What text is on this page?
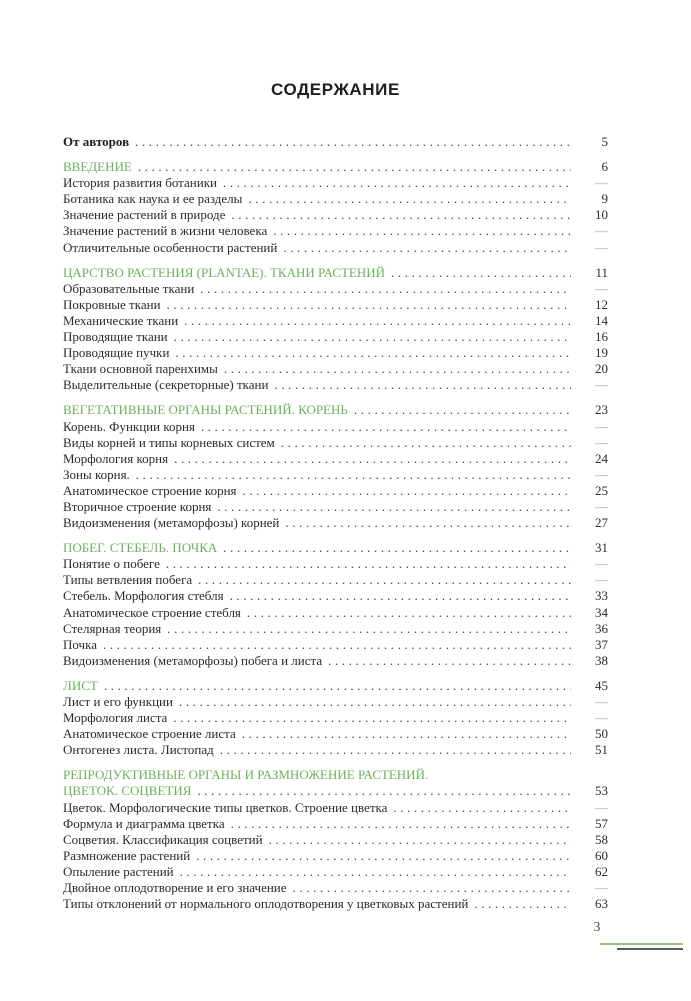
СОДЕРЖАНИЕ
От авторов .....	5
ВВЕДЕНИЕ .....	6
История развития ботаники .....	—
Ботаника как наука и ее разделы .....	9
Значение растений в природе .....	10
Значение растений в жизни человека .....	—
Отличительные особенности растений .....	—
ЦАРСТВО РАСТЕНИЯ (PLANTAE). ТКАНИ РАСТЕНИЙ .....	11
Образовательные ткани .....	—
Покровные ткани .....	12
Механические ткани .....	14
Проводящие ткани .....	16
Проводящие пучки .....	19
Ткани основной паренхимы .....	20
Выделительные (секреторные) ткани .....	—
ВЕГЕТАТИВНЫЕ ОРГАНЫ РАСТЕНИЙ. КОРЕНЬ .....	23
Корень. Функции корня .....	—
Виды корней и типы корневых систем .....	—
Морфология корня .....	24
Зоны корня. .....	—
Анатомическое строение корня .....	25
Вторичное строение корня .....	—
Видоизменения (метаморфозы) корней .....	27
ПОБЕГ. СТЕБЕЛЬ. ПОЧКА .....	31
Понятие о побеге .....	—
Типы ветвления побега .....	—
Стебель. Морфология стебля .....	33
Анатомическое строение стебля .....	34
Стелярная теория .....	36
Почка .....	37
Видоизменения (метаморфозы) побега и листа .....	38
ЛИСТ .....	45
Лист и его функции .....	—
Морфология листа .....	—
Анатомическое строение листа .....	50
Онтогенез листа. Листопад .....	51
РЕПРОДУКТИВНЫЕ ОРГАНЫ И РАЗМНОЖЕНИЕ РАСТЕНИЙ.
ЦВЕТОК. СОЦВЕТИЯ .....	53
Цветок. Морфологические типы цветков. Строение цветка .....	—
Формула и диаграмма цветка .....	57
Соцветия. Классификация соцветий .....	58
Размножение растений .....	60
Опыление растений .....	62
Двойное оплодотворение и его значение .....	—
Типы отклонений от нормального оплодотворения у цветковых растений .....	63
3
